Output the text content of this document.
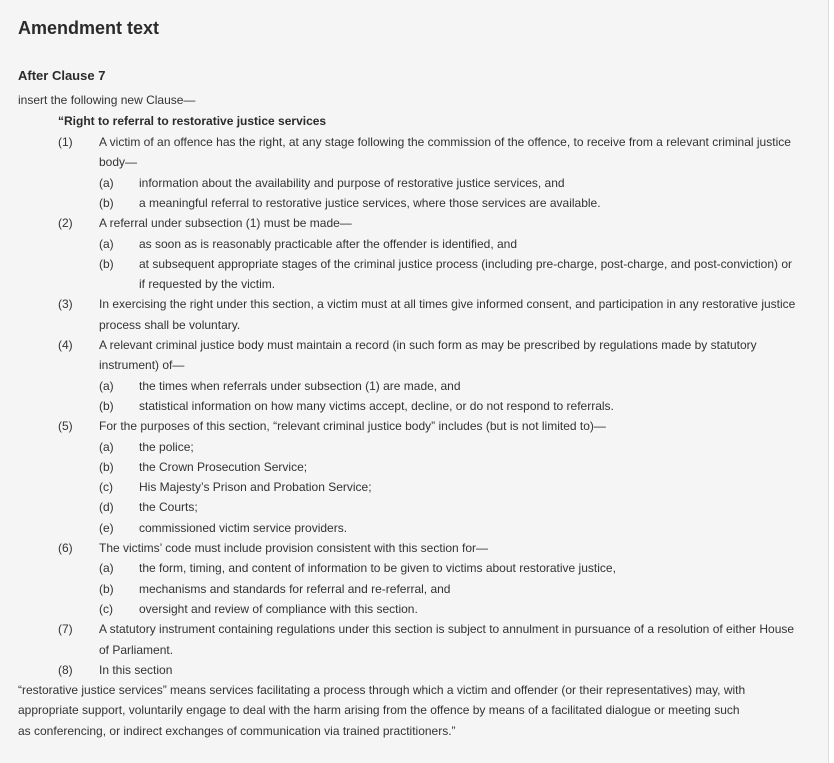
Amendment text
After Clause 7
insert the following new Clause—
“Right to referral to restorative justice services
(1) A victim of an offence has the right, at any stage following the commission of the offence, to receive from a relevant criminal justice
body—
(a) information about the availability and purpose of restorative justice services, and
(b) a meaningful referral to restorative justice services, where those services are available.
(2) A referral under subsection (1) must be made—
(a) as soon as is reasonably practicable after the offender is identified, and
(b) at subsequent appropriate stages of the criminal justice process (including pre-charge, post-charge, and post-conviction) or
if requested by the victim.
(3) In exercising the right under this section, a victim must at all times give informed consent, and participation in any restorative justice
process shall be voluntary.
(4) A relevant criminal justice body must maintain a record (in such form as may be prescribed by regulations made by statutory
instrument) of—
(a) the times when referrals under subsection (1) are made, and
(b) statistical information on how many victims accept, decline, or do not respond to referrals.
(5) For the purposes of this section, “relevant criminal justice body” includes (but is not limited to)—
(a) the police;
(b) the Crown Prosecution Service;
(c) His Majesty’s Prison and Probation Service;
(d) the Courts;
(e) commissioned victim service providers.
(6) The victims’ code must include provision consistent with this section for—
(a) the form, timing, and content of information to be given to victims about restorative justice,
(b) mechanisms and standards for referral and re-referral, and
(c) oversight and review of compliance with this section.
(7) A statutory instrument containing regulations under this section is subject to annulment in pursuance of a resolution of either House
of Parliament.
(8) In this section
“restorative justice services” means services facilitating a process through which a victim and offender (or their representatives) may, with
appropriate support, voluntarily engage to deal with the harm arising from the offence by means of a facilitated dialogue or meeting such
as conferencing, or indirect exchanges of communication via trained practitioners.”
